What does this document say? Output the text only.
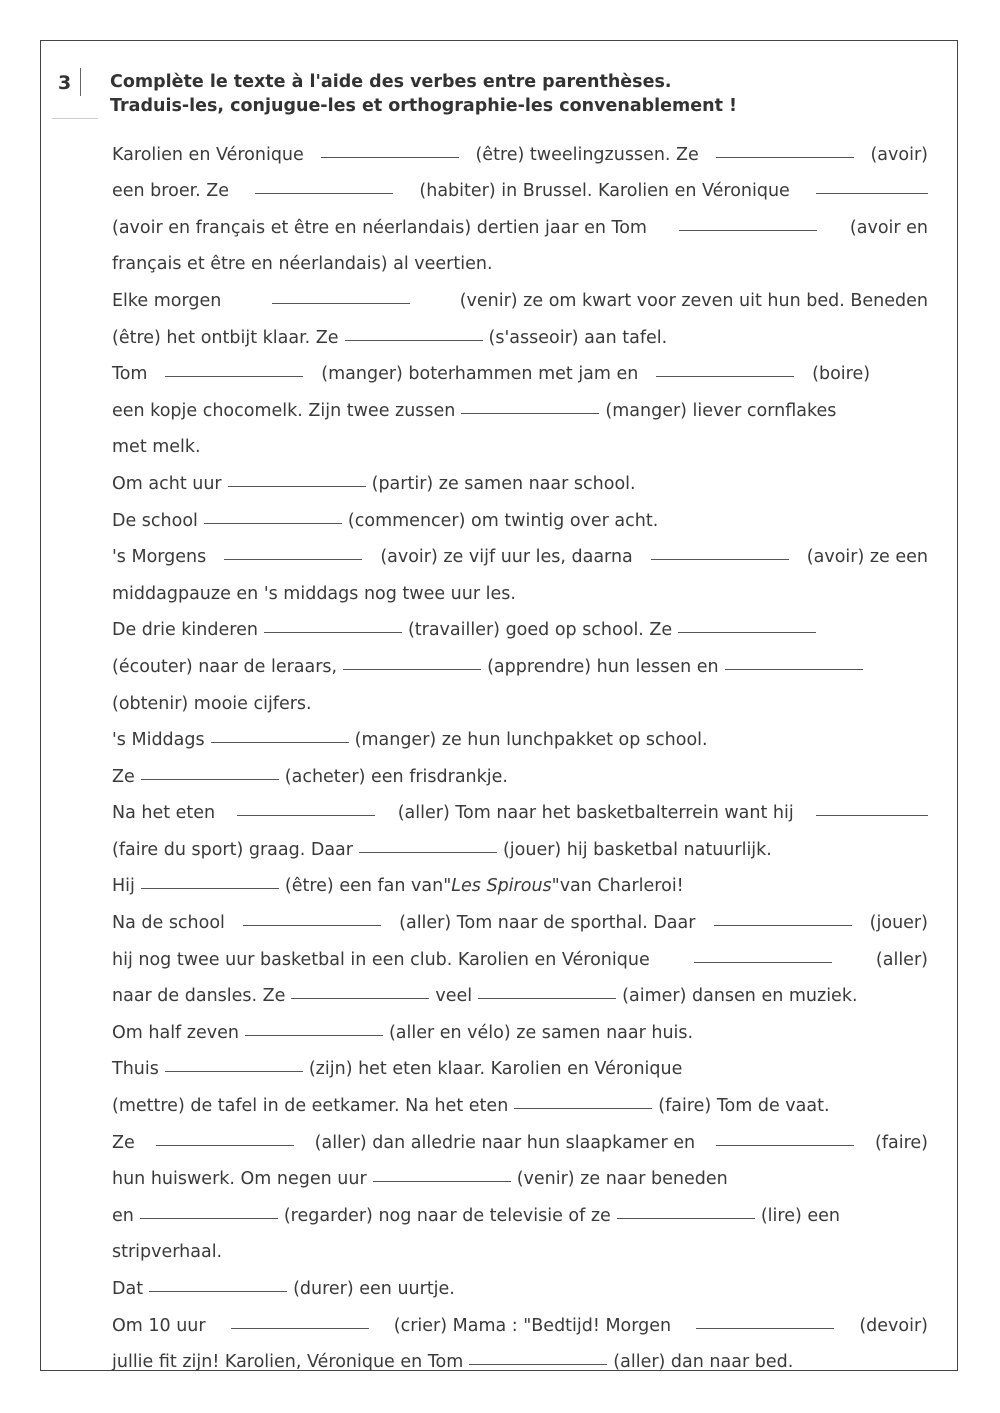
3 Complète le texte à l'aide des verbes entre parenthèses.
Traduis-les, conjugue-les et orthographie-les convenablement !
Karolien en Véronique	(être) tweelingzussen. Ze	(avoir)
een broer. Ze	(habiter) in Brussel. Karolien en Véronique
(avoir en français et être en néerlandais) dertien jaar en Tom	(avoir en
français et être en néerlandais) al veertien.
Elke morgen	(venir) ze om kwart voor zeven uit hun bed. Beneden
(être) het ontbijt klaar. Ze	(s'asseoir) aan tafel.
Tom	(manger) boterhammen met jam en	(boire)
een kopje chocomelk. Zijn twee zussen	(manger) liever cornflakes
met melk.
Om acht uur	(partir) ze samen naar school.
De school	(commencer) om twintig over acht.
's Morgens	(avoir) ze vijf uur les, daarna	(avoir) ze een
middagpauze en 's middags nog twee uur les.
De drie kinderen	(travailler) goed op school. Ze
(écouter) naar de leraars,	(apprendre) hun lessen en
(obtenir) mooie cijfers.
's Middags	(manger) ze hun lunchpakket op school.
Ze	(acheter) een frisdrankje.
Na het eten	(aller) Tom naar het basketbalterrein want hij
(faire du sport) graag. Daar	(jouer) hij basketbal natuurlijk.
Hij	(être) een fan van "Les Spirous" van Charleroi!
Na de school	(aller) Tom naar de sporthal. Daar	(jouer)
hij nog twee uur basketbal in een club. Karolien en Véronique	(aller)
naar de dansles. Ze	veel	(aimer) dansen en muziek.
Om half zeven	(aller en vélo) ze samen naar huis.
Thuis	(zijn) het eten klaar. Karolien en Véronique
(mettre) de tafel in de eetkamer. Na het eten	(faire) Tom de vaat.
Ze	(aller) dan alledrie naar hun slaapkamer en	(faire)
hun huiswerk. Om negen uur	(venir) ze naar beneden
en	(regarder) nog naar de televisie of ze	(lire) een
stripverhaal.
Dat	(durer) een uurtje.
Om 10 uur	(crier) Mama : "Bedtijd! Morgen	(devoir)
jullie fit zijn! Karolien, Véronique en Tom	(aller) dan naar bed.
